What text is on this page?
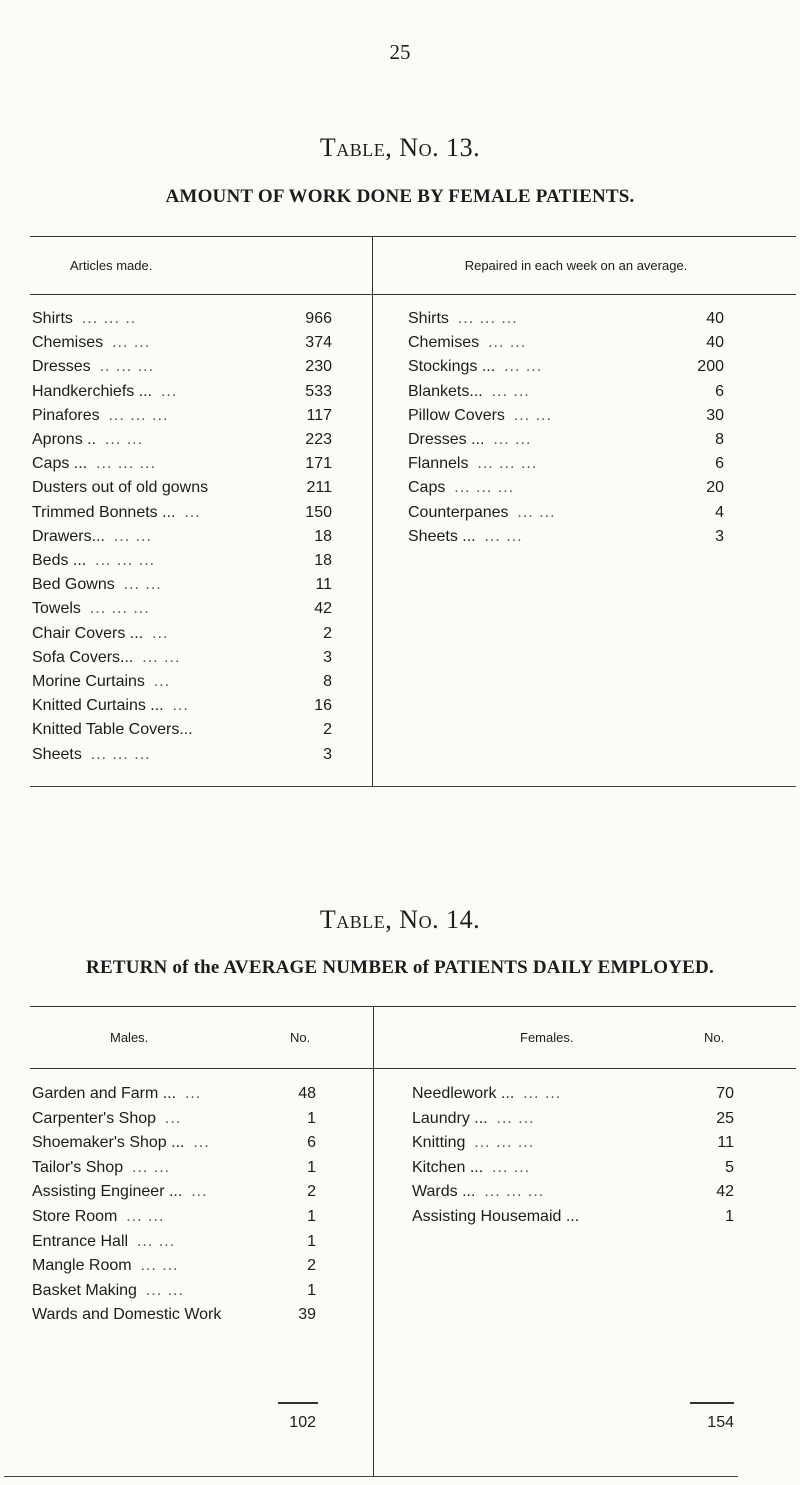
25
Table, No. 13.
AMOUNT OF WORK DONE BY FEMALE PATIENTS.
Articles made.	Repaired in each week on an average.
Shirts ... ... ..	966
Chemises ... ...	374
Dresses .. ... ...	230
Handkerchiefs ... ...	533
Pinafores ... ... ...	117
Aprons .. ... ...	223
Caps ... ... ... ...	171
Dusters out of old gowns	211
Trimmed Bonnets ... ...	150
Drawers... ... ...	18
Beds ... ... ... ...	18
Bed Gowns ... ...	11
Towels ... ... ...	42
Chair Covers ... ...	2
Sofa Covers... ... ...	3
Morine Curtains ...	8
Knitted Curtains ... ...	16
Knitted Table Covers...	2
Sheets ... ... ...	3
Shirts ... ... ...	40
Chemises ... ...	40
Stockings ... ... ...	200
Blankets... ... ...	6
Pillow Covers ... ...	30
Dresses ... ... ...	8
Flannels ... ... ...	6
Caps ... ... ...	20
Counterpanes ... ...	4
Sheets ... ... ...	3
Table, No. 14.
RETURN of the AVERAGE NUMBER of PATIENTS DAILY EMPLOYED.
Males.	No.	Females.	No.
Garden and Farm ... ...	48
Carpenter's Shop ...	1
Shoemaker's Shop ... ...	6
Tailor's Shop ... ...	1
Assisting Engineer ... ...	2
Store Room ... ...	1
Entrance Hall ... ...	1
Mangle Room ... ...	2
Basket Making ... ...	1
Wards and Domestic Work	39
Needlework ... ... ...	70
Laundry ... ... ...	25
Knitting ... ... ...	11
Kitchen ... ... ...	5
Wards ... ... ... ...	42
Assisting Housemaid ...	1
102	154
